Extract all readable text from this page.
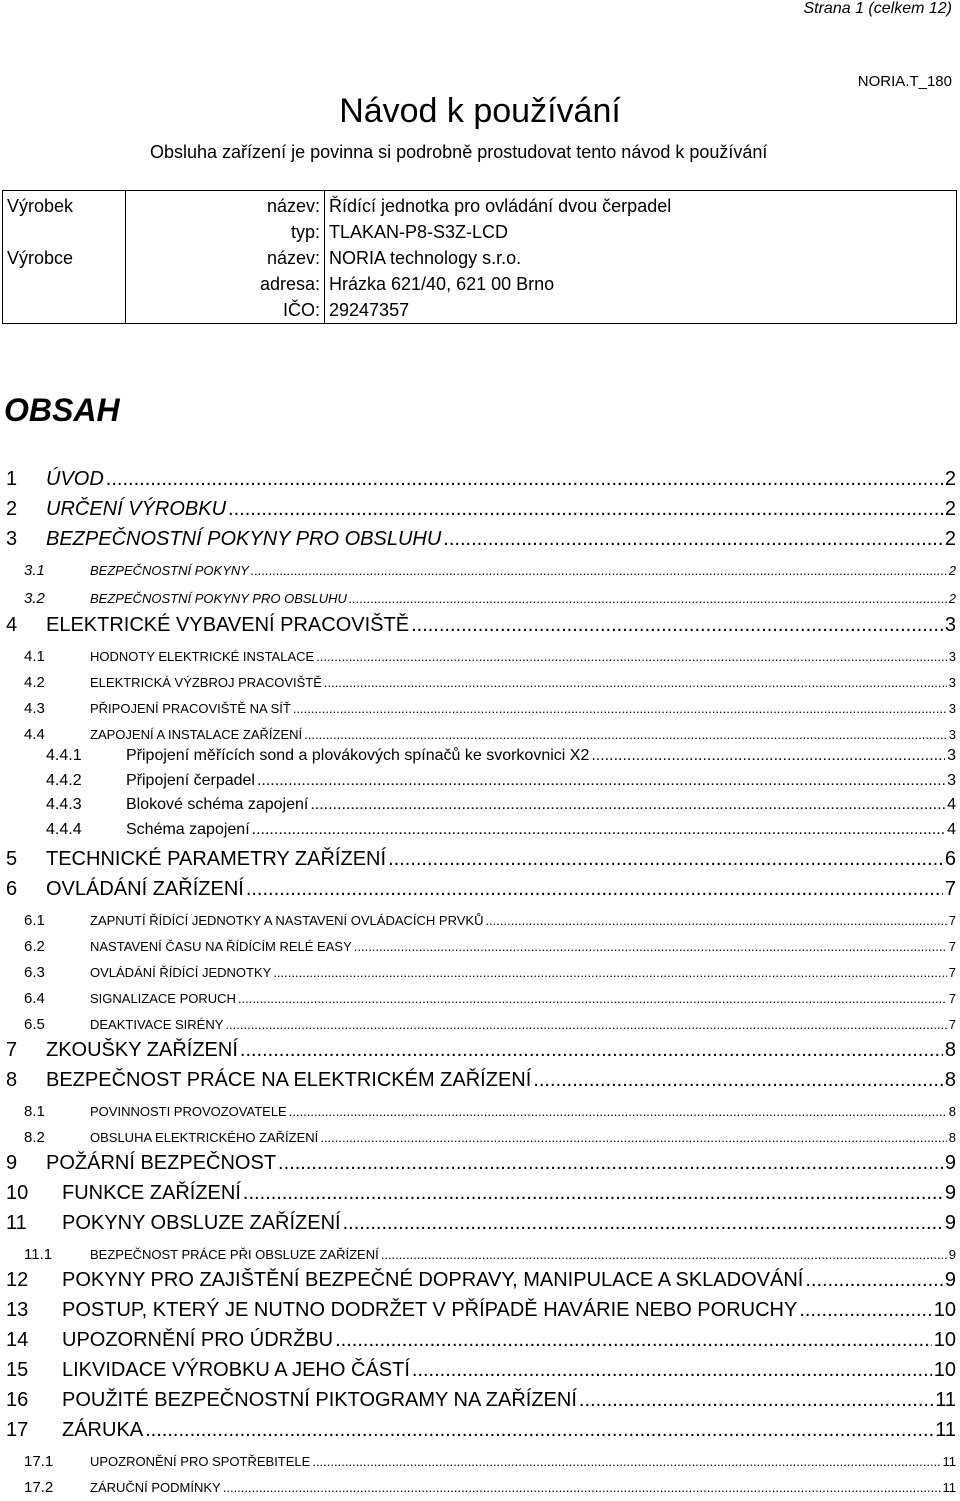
Strana 1 (celkem 12)
NORIA.T_180
Návod k používání
Obsluha zařízení je povinna si podrobně prostudovat tento návod k používání
Výrobek	název:	Řídící jednotka pro ovládání dvou čerpadel
	typ:	TLAKAN-P8-S3Z-LCD
Výrobce	název:	NORIA technology s.r.o.
	adresa:	Hrázka 621/40, 621 00 Brno
	IČO:	29247357
OBSAH
1	ÚVOD .....	2
2	URČENÍ VÝROBKU .....	2
3	BEZPEČNOSTNÍ POKYNY PRO OBSLUHU .....	2
3.1	BEZPEČNOSTNÍ POKYNY .....	2
3.2	BEZPEČNOSTNÍ POKYNY PRO OBSLUHU .....	2
4	ELEKTRICKÉ VYBAVENÍ PRACOVIŠTĚ .....	3
4.1	HODNOTY ELEKTRICKÉ INSTALACE .....	3
4.2	ELEKTRICKÁ VÝZBROJ PRACOVIŠTĚ .....	3
4.3	PŘIPOJENÍ PRACOVIŠTĚ NA SÍŤ .....	3
4.4	ZAPOJENÍ A INSTALACE ZAŘÍZENÍ .....	3
4.4.1	Připojení měřících sond a plovákových spínačů ke svorkovnici X2 .....	3
4.4.2	Připojení čerpadel .....	3
4.4.3	Blokové schéma zapojení .....	4
4.4.4	Schéma zapojení .....	4
5	TECHNICKÉ PARAMETRY ZAŘÍZENÍ .....	6
6	OVLÁDÁNÍ ZAŘÍZENÍ .....	7
6.1	ZAPNUTÍ ŘÍDÍCÍ JEDNOTKY A NASTAVENÍ OVLÁDACÍCH PRVKŮ .....	7
6.2	NASTAVENÍ ČASU NA ŘÍDÍCÍM RELÉ EASY .....	7
6.3	OVLÁDÁNÍ ŘÍDÍCÍ JEDNOTKY .....	7
6.4	SIGNALIZACE PORUCH .....	7
6.5	DEAKTIVACE SIRÉNY .....	7
7	ZKOUŠKY ZAŘÍZENÍ .....	8
8	BEZPEČNOST PRÁCE NA ELEKTRICKÉM ZAŘÍZENÍ .....	8
8.1	POVINNOSTI PROVOZOVATELE .....	8
8.2	OBSLUHA ELEKTRICKÉHO ZAŘÍZENÍ .....	8
9	POŽÁRNÍ BEZPEČNOST .....	9
10	FUNKCE ZAŘÍZENÍ .....	9
11	POKYNY OBSLUZE ZAŘÍZENÍ .....	9
11.1	BEZPEČNOST PRÁCE PŘI OBSLUZE ZAŘÍZENÍ .....	9
12	POKYNY PRO ZAJIŠTĚNÍ BEZPEČNÉ DOPRAVY, MANIPULACE A SKLADOVÁNÍ .....	9
13	POSTUP, KTERÝ JE NUTNO DODRŽET V PŘÍPADĚ HAVÁRIE NEBO PORUCHY .....	10
14	UPOZORNĚNÍ PRO ÚDRŽBU .....	10
15	LIKVIDACE VÝROBKU A JEHO ČÁSTÍ .....	10
16	POUŽITÉ BEZPEČNOSTNÍ PIKTOGRAMY NA ZAŘÍZENÍ .....	11
17	ZÁRUKA .....	11
17.1	UPOZRONĚNÍ PRO SPOTŘEBITELE .....	11
17.2	ZÁRUČNÍ PODMÍNKY .....	11
